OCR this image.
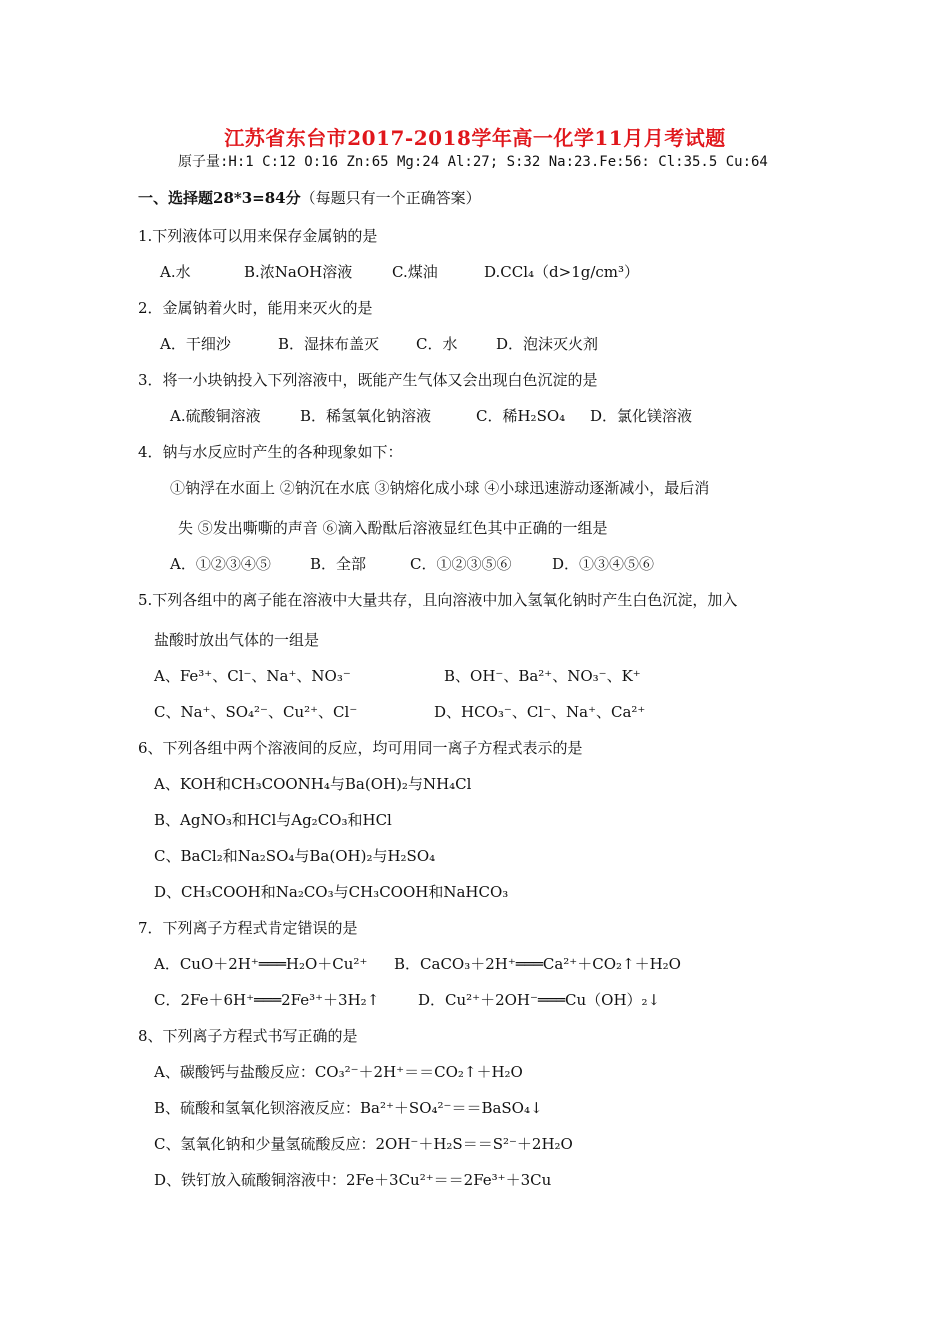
江苏省东台市2017-2018学年高一化学11月月考试题
原子量:H:1 C:12 O:16 Zn:65 Mg:24 Al:27; S:32 Na:23.Fe:56: Cl:35.5 Cu:64
一、选择题28*3=84分（每题只有一个正确答案）
1.下列液体可以用来保存金属钠的是
A.水	B.浓NaOH溶液	C.煤油	D.CCl₄（d>1g/cm³）
2．金属钠着火时，能用来灭火的是
A．干细沙	B．湿抹布盖灭 C．水	D．泡沫灭火剂
3．将一小块钠投入下列溶液中，既能产生气体又会出现白色沉淀的是
A.硫酸铜溶液	B．稀氢氧化钠溶液	C．稀H₂SO₄ D．氯化镁溶液
4．钠与水反应时产生的各种现象如下：
①钠浮在水面上 ②钠沉在水底 ③钠熔化成小球 ④小球迅速游动逐渐减小，最后消
失 ⑤发出嘶嘶的声音 ⑥滴入酚酞后溶液显红色其中正确的一组是
A．①②③④⑤	B．全部	C．①②③⑤⑥	D．①③④⑤⑥
5.下列各组中的离子能在溶液中大量共存，且向溶液中加入氢氧化钠时产生白色沉淀，加入
盐酸时放出气体的一组是
A、Fe³⁺、Cl⁻、Na⁺、NO₃⁻	B、OH⁻、Ba²⁺、NO₃⁻、K⁺
C、Na⁺、SO₄²⁻、Cu²⁺、Cl⁻	D、HCO₃⁻、Cl⁻、Na⁺、Ca²⁺
6、下列各组中两个溶液间的反应，均可用同一离子方程式表示的是
A、KOH和CH₃COONH₄与Ba(OH)₂与NH₄Cl
B、AgNO₃和HCl与Ag₂CO₃和HCl
C、BaCl₂和Na₂SO₄与Ba(OH)₂与H₂SO₄
D、CH₃COOH和Na₂CO₃与CH₃COOH和NaHCO₃
7．下列离子方程式肯定错误的是
A．CuO＋2H⁺═══H₂O＋Cu²⁺ B．CaCO₃＋2H⁺═══Ca²⁺＋CO₂↑＋H₂O
C．2Fe＋6H⁺═══2Fe³⁺＋3H₂↑	D．Cu²⁺＋2OH⁻═══Cu（OH）₂↓
8、下列离子方程式书写正确的是
A、碳酸钙与盐酸反应：CO₃²⁻＋2H⁺＝＝CO₂↑＋H₂O
B、硫酸和氢氧化钡溶液反应：Ba²⁺＋SO₄²⁻＝＝BaSO₄↓
C、氢氧化钠和少量氢硫酸反应：2OH⁻＋H₂S＝＝S²⁻＋2H₂O
D、铁钉放入硫酸铜溶液中：2Fe＋3Cu²⁺＝＝2Fe³⁺＋3Cu
